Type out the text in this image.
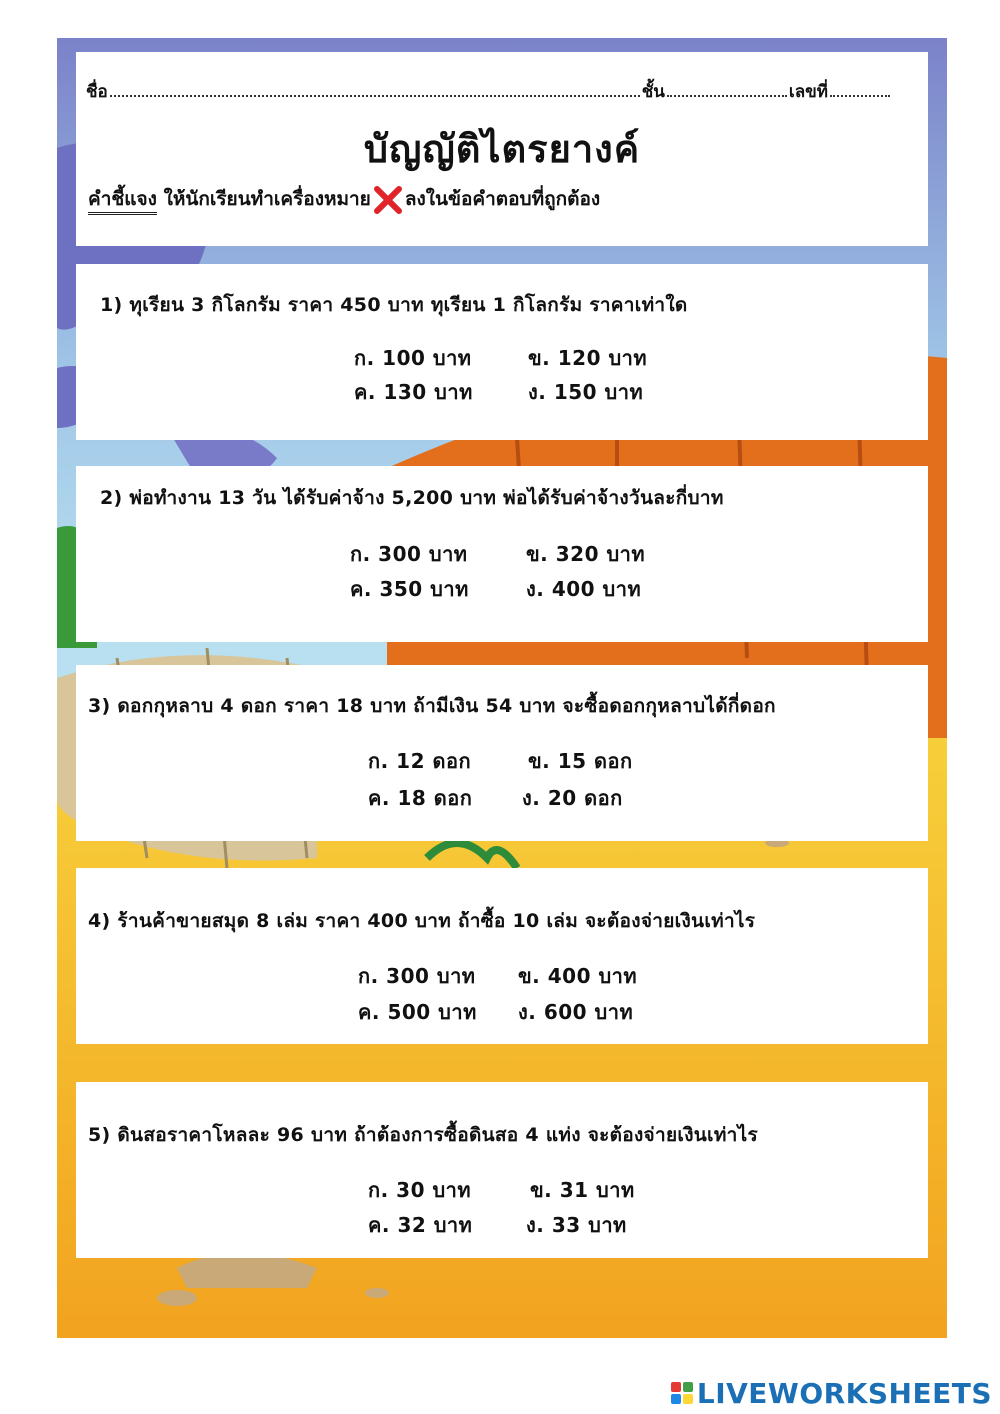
ชื่อ	ชั้น	เลขที่
บัญญัติไตรยางค์
คำชี้แจง ให้นักเรียนทำเครื่องหมาย ลงในข้อคำตอบที่ถูกต้อง
1) ทุเรียน 3 กิโลกรัม ราคา 450 บาท ทุเรียน 1 กิโลกรัม ราคาเท่าใด
ก. 100 บาท	ข. 120 บาท
ค. 130 บาท	ง. 150 บาท
2) พ่อทำงาน 13 วัน ได้รับค่าจ้าง 5,200 บาท พ่อได้รับค่าจ้างวันละกี่บาท
ก. 300 บาท	ข. 320 บาท
ค. 350 บาท	ง. 400 บาท
3) ดอกกุหลาบ 4 ดอก ราคา 18 บาท ถ้ามีเงิน 54 บาท จะซื้อดอกกุหลาบได้กี่ดอก
ก. 12 ดอก	ข. 15 ดอก
ค. 18 ดอก ง. 20 ดอก
4) ร้านค้าขายสมุด 8 เล่ม ราคา 400 บาท ถ้าซื้อ 10 เล่ม จะต้องจ่ายเงินเท่าไร
ก. 300 บาท ข. 400 บาท
ค. 500 บาท ง. 600 บาท
5) ดินสอราคาโหลละ 96 บาท ถ้าต้องการซื้อดินสอ 4 แท่ง จะต้องจ่ายเงินเท่าไร
ก. 30 บาท	ข. 31 บาท
ค. 32 บาท	ง. 33 บาท
LIVEWORKSHEETS
